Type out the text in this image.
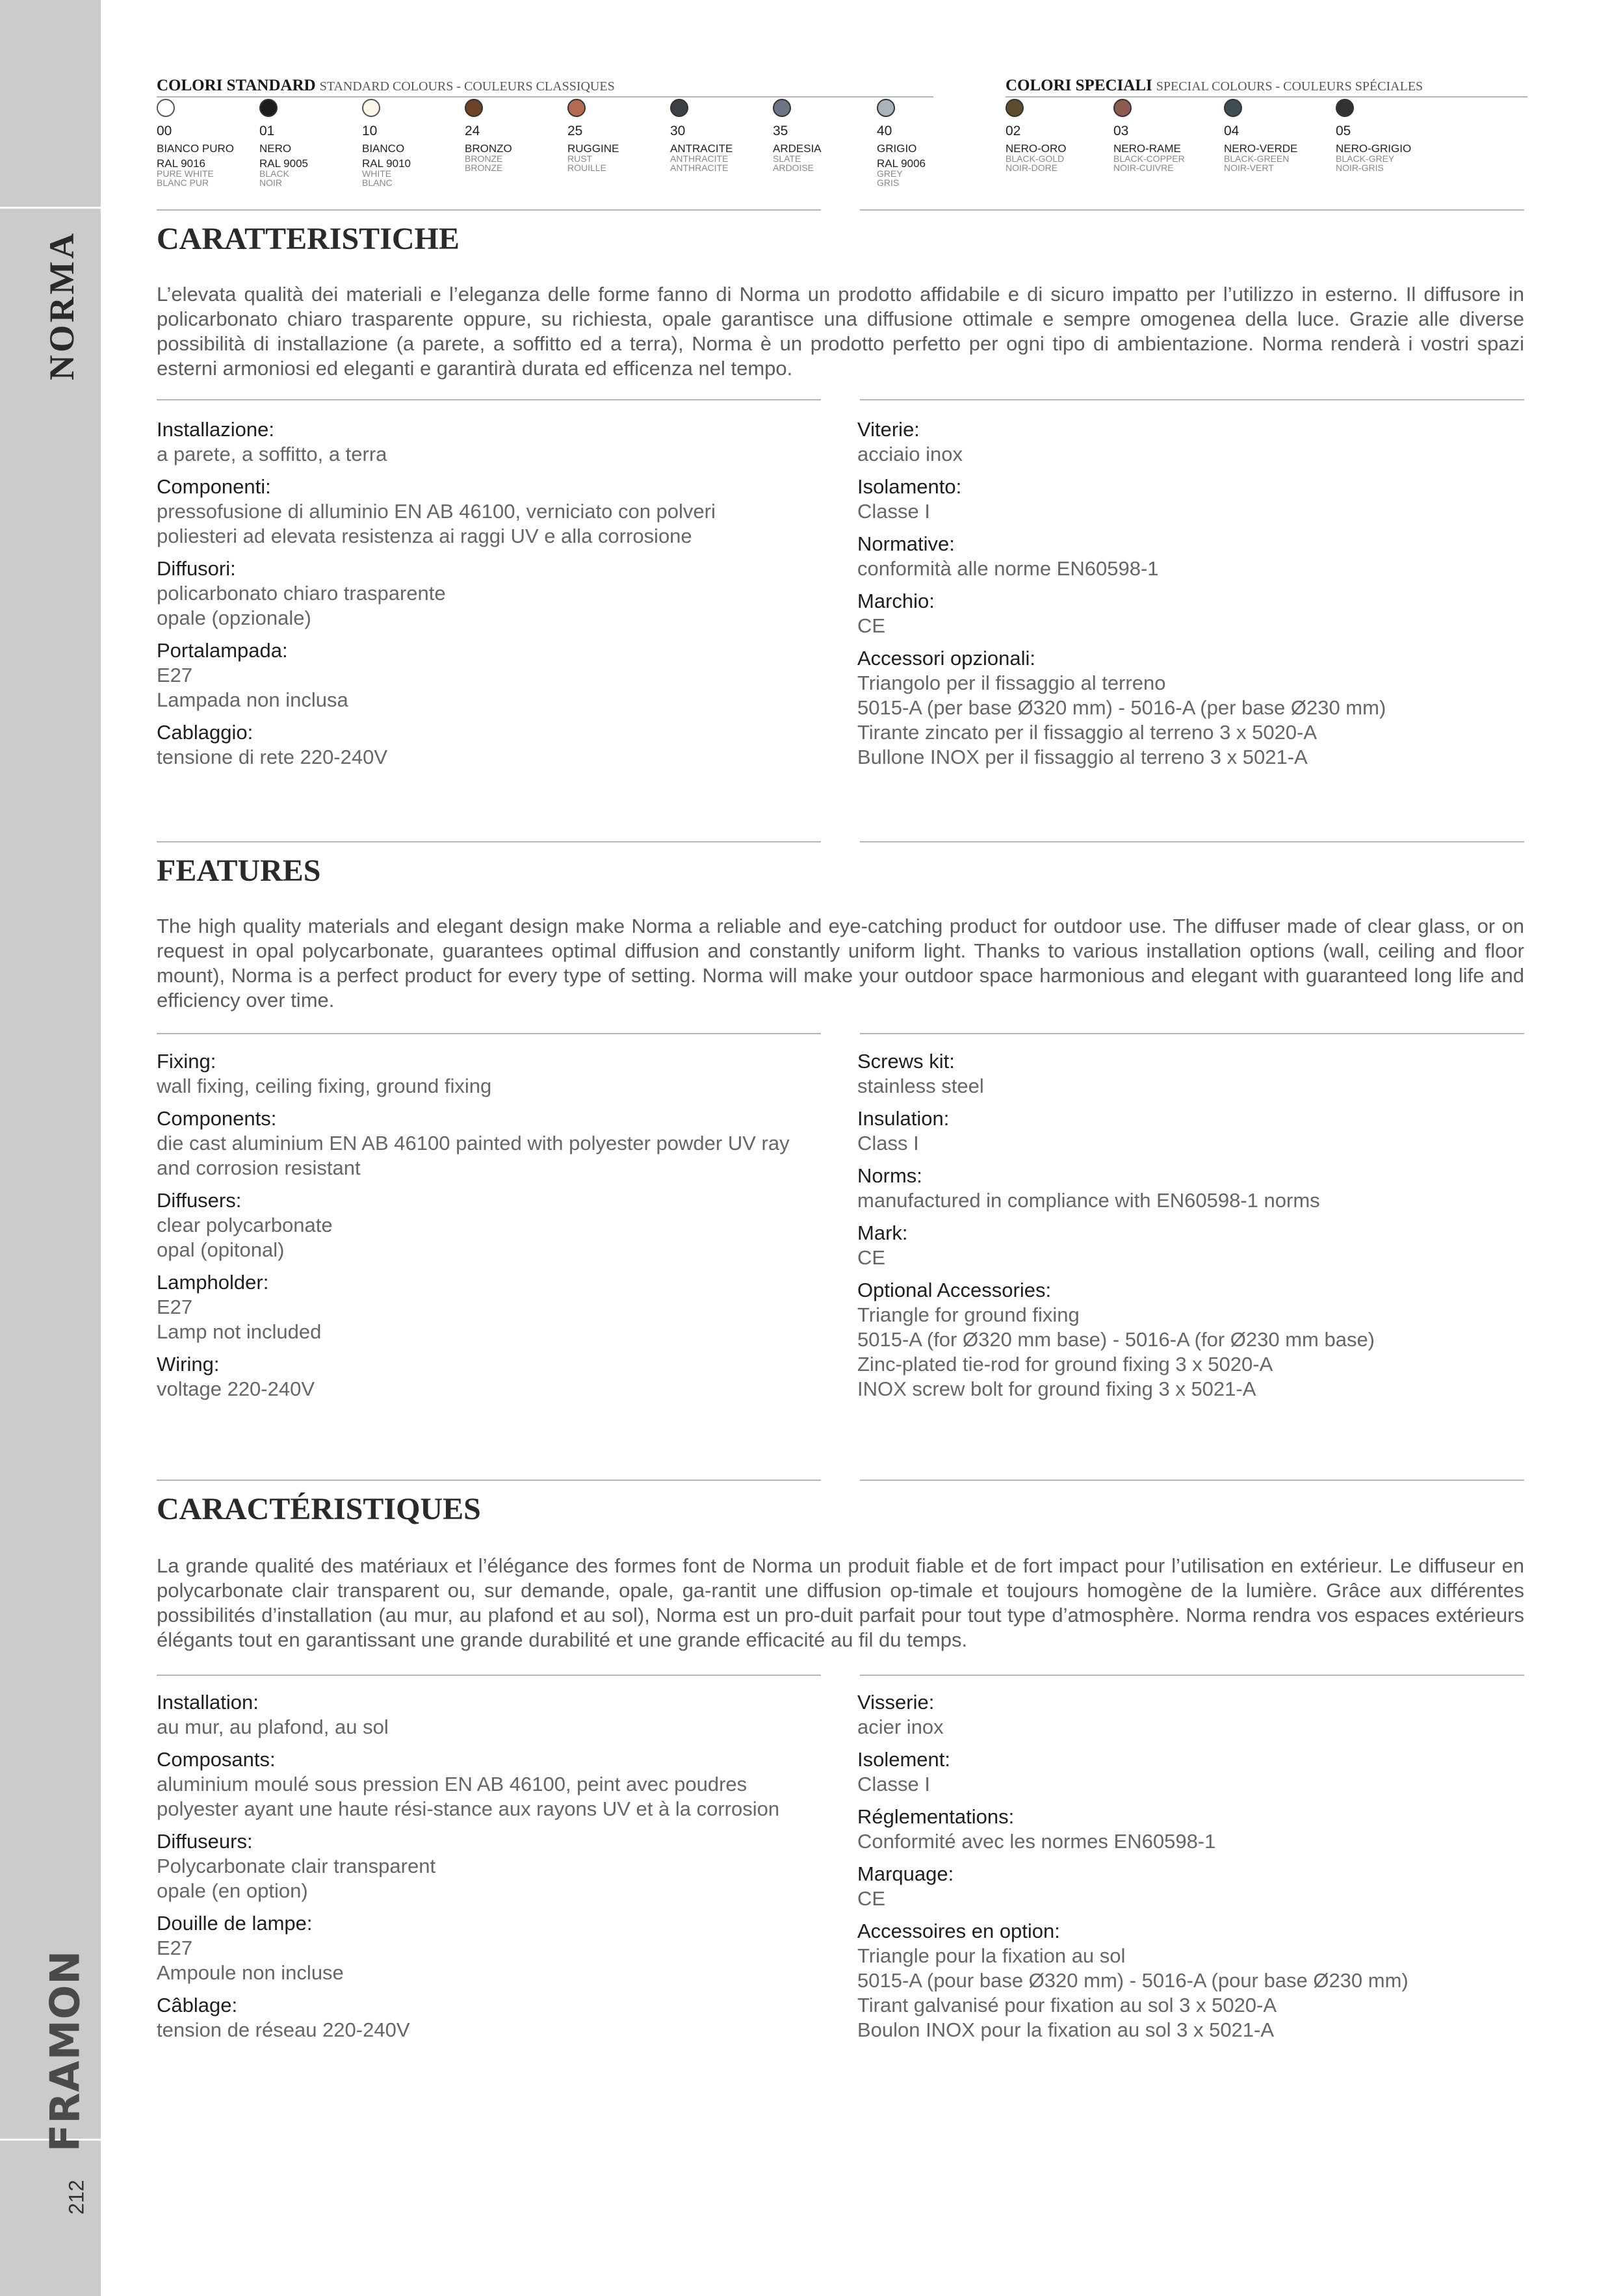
NORMA
FRAMON
212
COLORI STANDARD STANDARD COLOURS - COULEURS CLASSIQUES	COLORI SPECIALI SPECIAL COLOURS - COULEURS SPÉCIALES
00
BIANCO PURO
RAL 9016
PURE WHITE
BLANC PUR
01
NERO
RAL 9005
BLACK
NOIR
10
BIANCO
RAL 9010
WHITE
BLANC
24
BRONZO
BRONZE
BRONZE
25
RUGGINE
RUST
ROUILLE
30
ANTRACITE
ANTHRACITE
ANTHRACITE
35
ARDESIA
SLATE
ARDOISE
40
GRIGIO
RAL 9006
GREY
GRIS
02
NERO-ORO
BLACK-GOLD
NOIR-DORE
03
NERO-RAME
BLACK-COPPER
NOIR-CUIVRE
04
NERO-VERDE
BLACK-GREEN
NOIR-VERT
05
NERO-GRIGIO
BLACK-GREY
NOIR-GRIS
CARATTERISTICHE
L’elevata qualità dei materiali e l’eleganza delle forme fanno di Norma un prodotto affidabile e di sicuro impatto per l’utilizzo in esterno. Il diffusore in policarbonato chiaro trasparente oppure, su richiesta, opale garantisce una diffusione ottimale e sempre omogenea della luce. Grazie alle diverse possibilità di installazione (a parete, a soffitto ed a terra), Norma è un prodotto perfetto per ogni tipo di ambientazione. Norma renderà i vostri spazi esterni armoniosi ed eleganti e garantirà durata ed efficenza nel tempo.
Installazione:
a parete, a soffitto, a terra
Componenti:
pressofusione di alluminio EN AB 46100, verniciato con polveri poliesteri ad elevata resistenza ai raggi UV e alla corrosione
Diffusori:
policarbonato chiaro trasparente
opale (opzionale)
Portalampada:
E27
Lampada non inclusa
Cablaggio:
tensione di rete 220-240V
Viterie:
acciaio inox
Isolamento:
Classe I
Normative:
conformità alle norme EN60598-1
Marchio:
CE
Accessori opzionali:
Triangolo per il fissaggio al terreno
5015-A (per base Ø320 mm) - 5016-A (per base Ø230 mm)
Tirante zincato per il fissaggio al terreno 3 x 5020-A
Bullone INOX per il fissaggio al terreno 3 x 5021-A
FEATURES
The high quality materials and elegant design make Norma a reliable and eye-catching product for outdoor use. The diffuser made of clear glass, or on request in opal polycarbonate, guarantees optimal diffusion and constantly uniform light. Thanks to various installation options (wall, ceiling and floor mount), Norma is a perfect product for every type of setting. Norma will make your outdoor space harmonious and elegant with guaranteed long life and efficiency over time.
Fixing:
wall fixing, ceiling fixing, ground fixing
Components:
die cast aluminium EN AB 46100 painted with polyester powder UV ray and corrosion resistant
Diffusers:
clear polycarbonate
opal (opitonal)
Lampholder:
E27
Lamp not included
Wiring:
voltage 220-240V
Screws kit:
stainless steel
Insulation:
Class I
Norms:
manufactured in compliance with EN60598-1 norms
Mark:
CE
Optional Accessories:
Triangle for ground fixing
5015-A (for Ø320 mm base) - 5016-A (for Ø230 mm base)
Zinc-plated tie-rod for ground fixing 3 x 5020-A
INOX screw bolt for ground fixing 3 x 5021-A
CARACTÉRISTIQUES
La grande qualité des matériaux et l’élégance des formes font de Norma un produit fiable et de fort impact pour l’utilisation en extérieur. Le diffuseur en polycarbonate clair transparent ou, sur demande, opale, ga-rantit une diffusion op-timale et toujours homogène de la lumière. Grâce aux différentes possibilités d’installation (au mur, au plafond et au sol), Norma est un pro-duit parfait pour tout type d’atmosphère. Norma rendra vos espaces extérieurs élégants tout en garantissant une grande durabilité et une grande efficacité au fil du temps.
Installation:
au mur, au plafond, au sol
Composants:
aluminium moulé sous pression EN AB 46100, peint avec poudres polyester ayant une haute rési-stance aux rayons UV et à la corrosion
Diffuseurs:
Polycarbonate clair transparent
opale (en option)
Douille de lampe:
E27
Ampoule non incluse
Câblage:
tension de réseau 220-240V
Visserie:
acier inox
Isolement:
Classe I
Réglementations:
Conformité avec les normes EN60598-1
Marquage:
CE
Accessoires en option:
Triangle pour la fixation au sol
5015-A (pour base Ø320 mm) - 5016-A (pour base Ø230 mm)
Tirant galvanisé pour fixation au sol 3 x 5020-A
Boulon INOX pour la fixation au sol 3 x 5021-A
